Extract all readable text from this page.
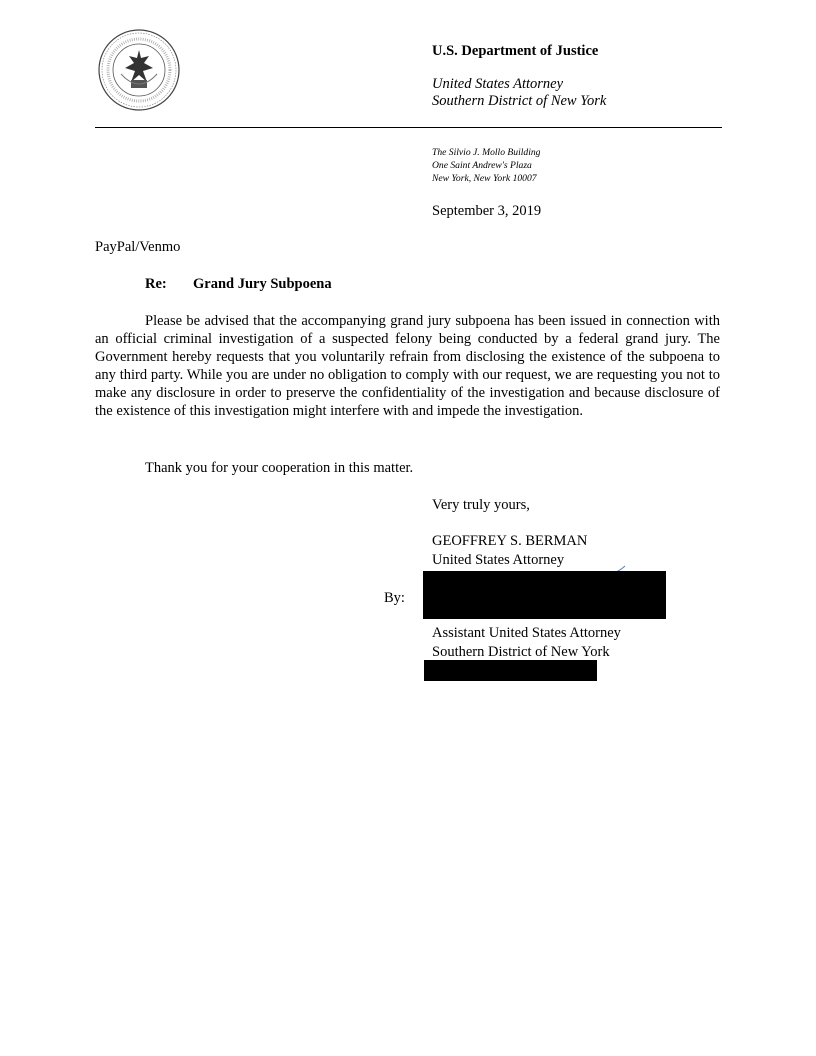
U.S. Department of Justice
United States Attorney
Southern District of New York
The Silvio J. Mollo Building
One Saint Andrew's Plaza
New York, New York 10007
September 3, 2019
PayPal/Venmo
Re: Grand Jury Subpoena
Please be advised that the accompanying grand jury subpoena has been issued in connection with an official criminal investigation of a suspected felony being conducted by a federal grand jury. The Government hereby requests that you voluntarily refrain from disclosing the existence of the subpoena to any third party. While you are under no obligation to comply with our request, we are requesting you not to make any disclosure in order to preserve the confidentiality of the investigation and because disclosure of the existence of this investigation might interfere with and impede the investigation.
Thank you for your cooperation in this matter.
Very truly yours,
GEOFFREY S. BERMAN
United States Attorney
By:
Assistant United States Attorney
Southern District of New York
